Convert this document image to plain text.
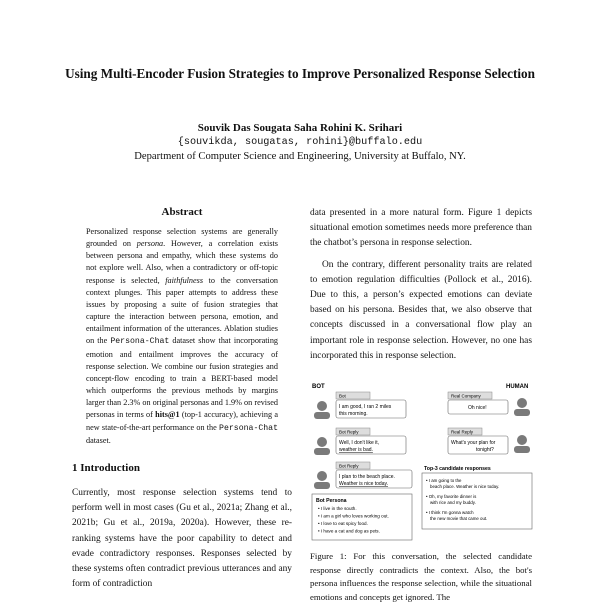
Using Multi-Encoder Fusion Strategies to Improve Personalized Response Selection
Souvik Das Sougata Saha Rohini K. Srihari
{souvikda, sougatas, rohini}@buffalo.edu
Department of Computer Science and Engineering, University at Buffalo, NY.
Abstract
Personalized response selection systems are generally grounded on persona. However, a correlation exists between persona and empathy, which these systems do not explore well. Also, when a contradictory or off-topic response is selected, faithfulness to the conversation context plunges. This paper attempts to address these issues by proposing a suite of fusion strategies that capture the interaction between persona, emotion, and entailment information of the utterances. Ablation studies on the Persona-Chat dataset show that incorporating emotion and entailment improves the accuracy of response selection. We combine our fusion strategies and concept-flow encoding to train a BERT-based model which outperforms the previous methods by margins larger than 2.3% on original personas and 1.9% on revised personas in terms of hits@1 (top-1 accuracy), achieving a new state-of-the-art performance on the Persona-Chat dataset.
1 Introduction
Currently, most response selection systems tend to perform well in most cases (Gu et al., 2021a; Zhang et al., 2021b; Gu et al., 2019a, 2020a). However, these re-ranking systems have the poor capability to detect and evade contradictory responses. Responses selected by these systems often contradict previous utterances and any form of contradiction

data presented in a more natural form. Figure 1 depicts situational emotion sometimes needs more preference than the chatbot’s persona in response selection.

On the contrary, different personality traits are related to emotion regulation difficulties (Pollock et al., 2016). Due to this, a person’s expected emotions can deviate based on his persona. Besides that, we also observe that concepts discussed in a conversational flow play an important role in response selection. However, no one has incorporated this in response selection.

BOT	HUMAN
Bot
I am good, I ran 2 miles
this morning.
Real Company
Oh nice!
Bot Reply
Well, I don't like it,
weather is bad.
Real Reply
What's your plan for
tonight?
Bot Reply
I plan to the beach place.
Weather is nice today.
Bot Persona
• I live in the south.
• I am a girl who loves working out.
• I love to eat spicy food.
• I have a cat and dog as pets.
Top-3 candidate responses
• I am going to the beach place. Weather is nice today.
• Oh, my favorite dinner is with rice and my buddy.
• I think I'm gonna watch the new movie that came out.
Figure 1: For this conversation, the selected candidate response directly contradicts the context. Also, the bot's persona influences the response selection, while the situational emotions and concepts get ignored. The
